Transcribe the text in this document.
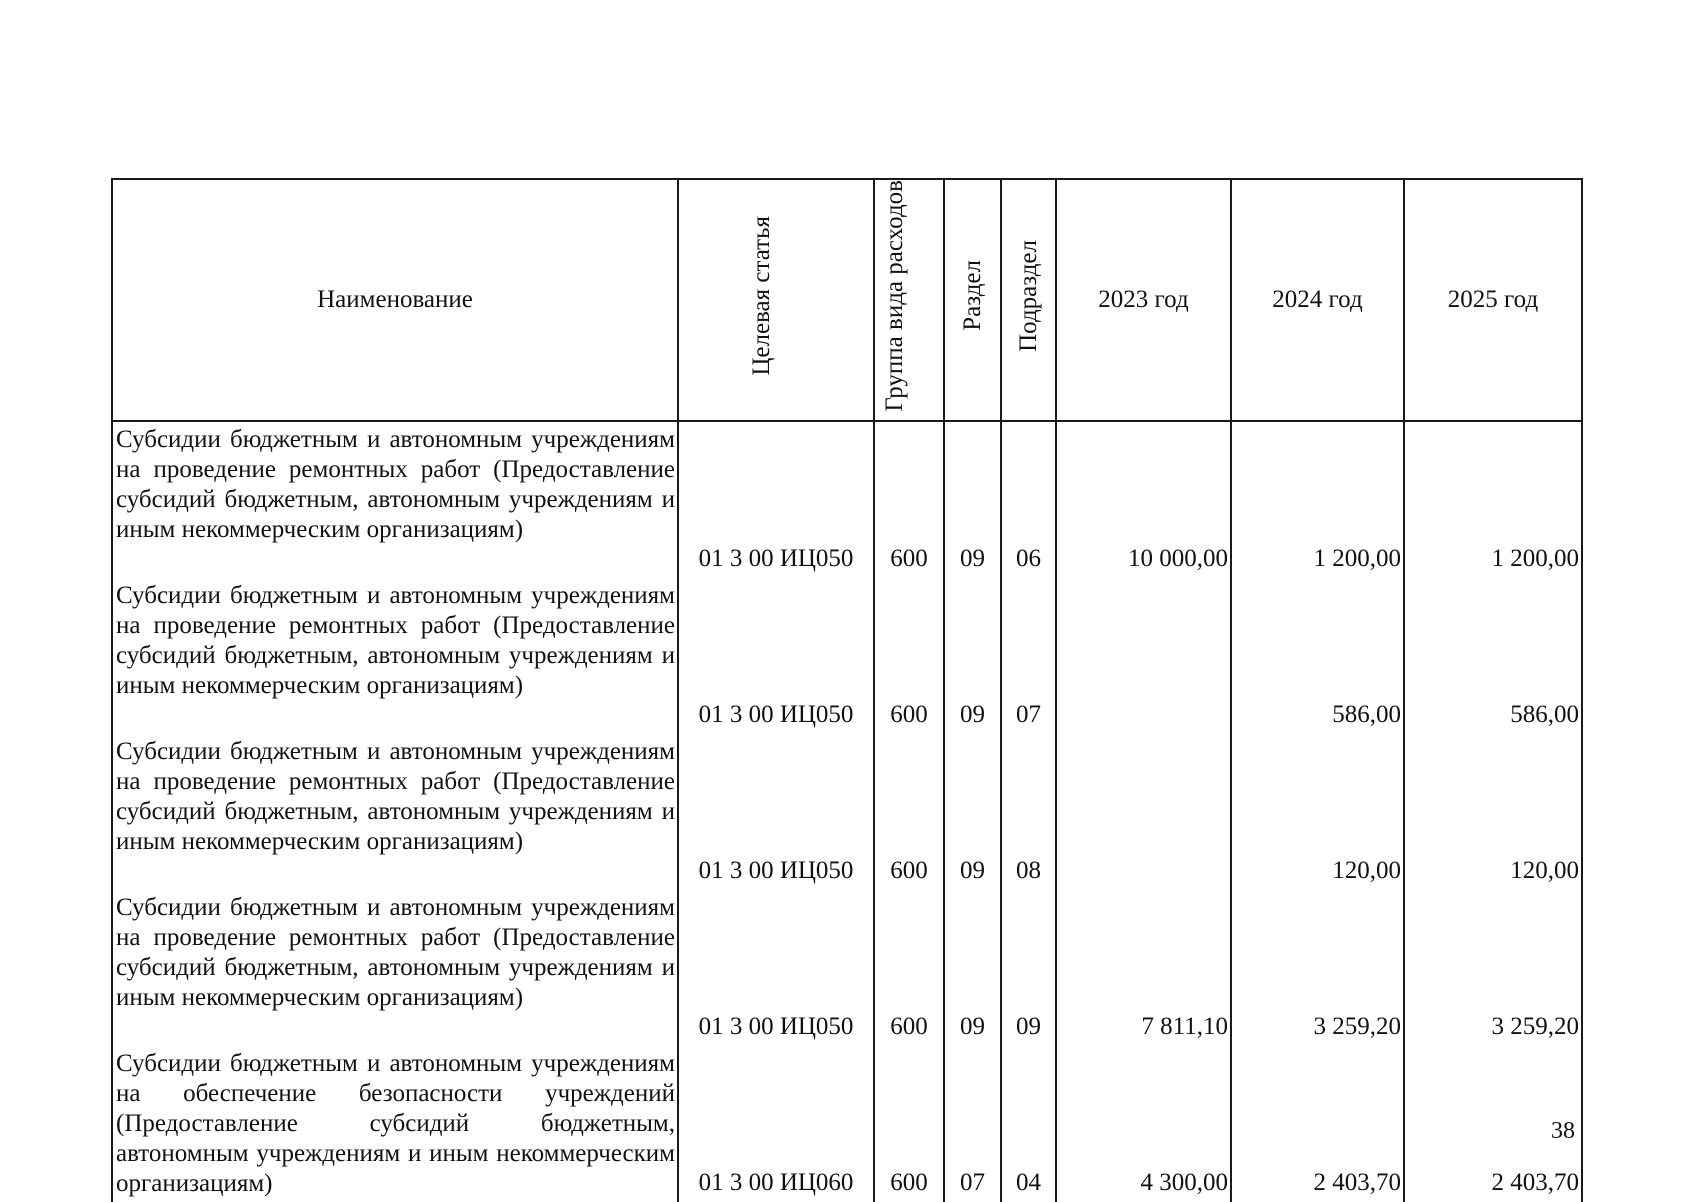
Наименование	Целевая статья	Группа вида расходов	Раздел	Подраздел	2023 год	2024 год	2025 год
Субсидии бюджетным и автономным учреждениям на проведение ремонтных работ (Предоставление субсидий бюджетным, автономным учреждениям и иным некоммерческим организациям)	01 3 00 ИЦ050	600	09	06	10 000,00	1 200,00	1 200,00
Субсидии бюджетным и автономным учреждениям на проведение ремонтных работ (Предоставление субсидий бюджетным, автономным учреждениям и иным некоммерческим организациям)	01 3 00 ИЦ050	600	09	07		586,00	586,00
Субсидии бюджетным и автономным учреждениям на проведение ремонтных работ (Предоставление субсидий бюджетным, автономным учреждениям и иным некоммерческим организациям)	01 3 00 ИЦ050	600	09	08		120,00	120,00
Субсидии бюджетным и автономным учреждениям на проведение ремонтных работ (Предоставление субсидий бюджетным, автономным учреждениям и иным некоммерческим организациям)	01 3 00 ИЦ050	600	09	09	7 811,10	3 259,20	3 259,20
Субсидии бюджетным и автономным учреждениям на обеспечение безопасности учреждений (Предоставление субсидий бюджетным, автономным учреждениям и иным некоммерческим организациям)	01 3 00 ИЦ060	600	07	04	4 300,00	2 403,70	2 403,70
38
